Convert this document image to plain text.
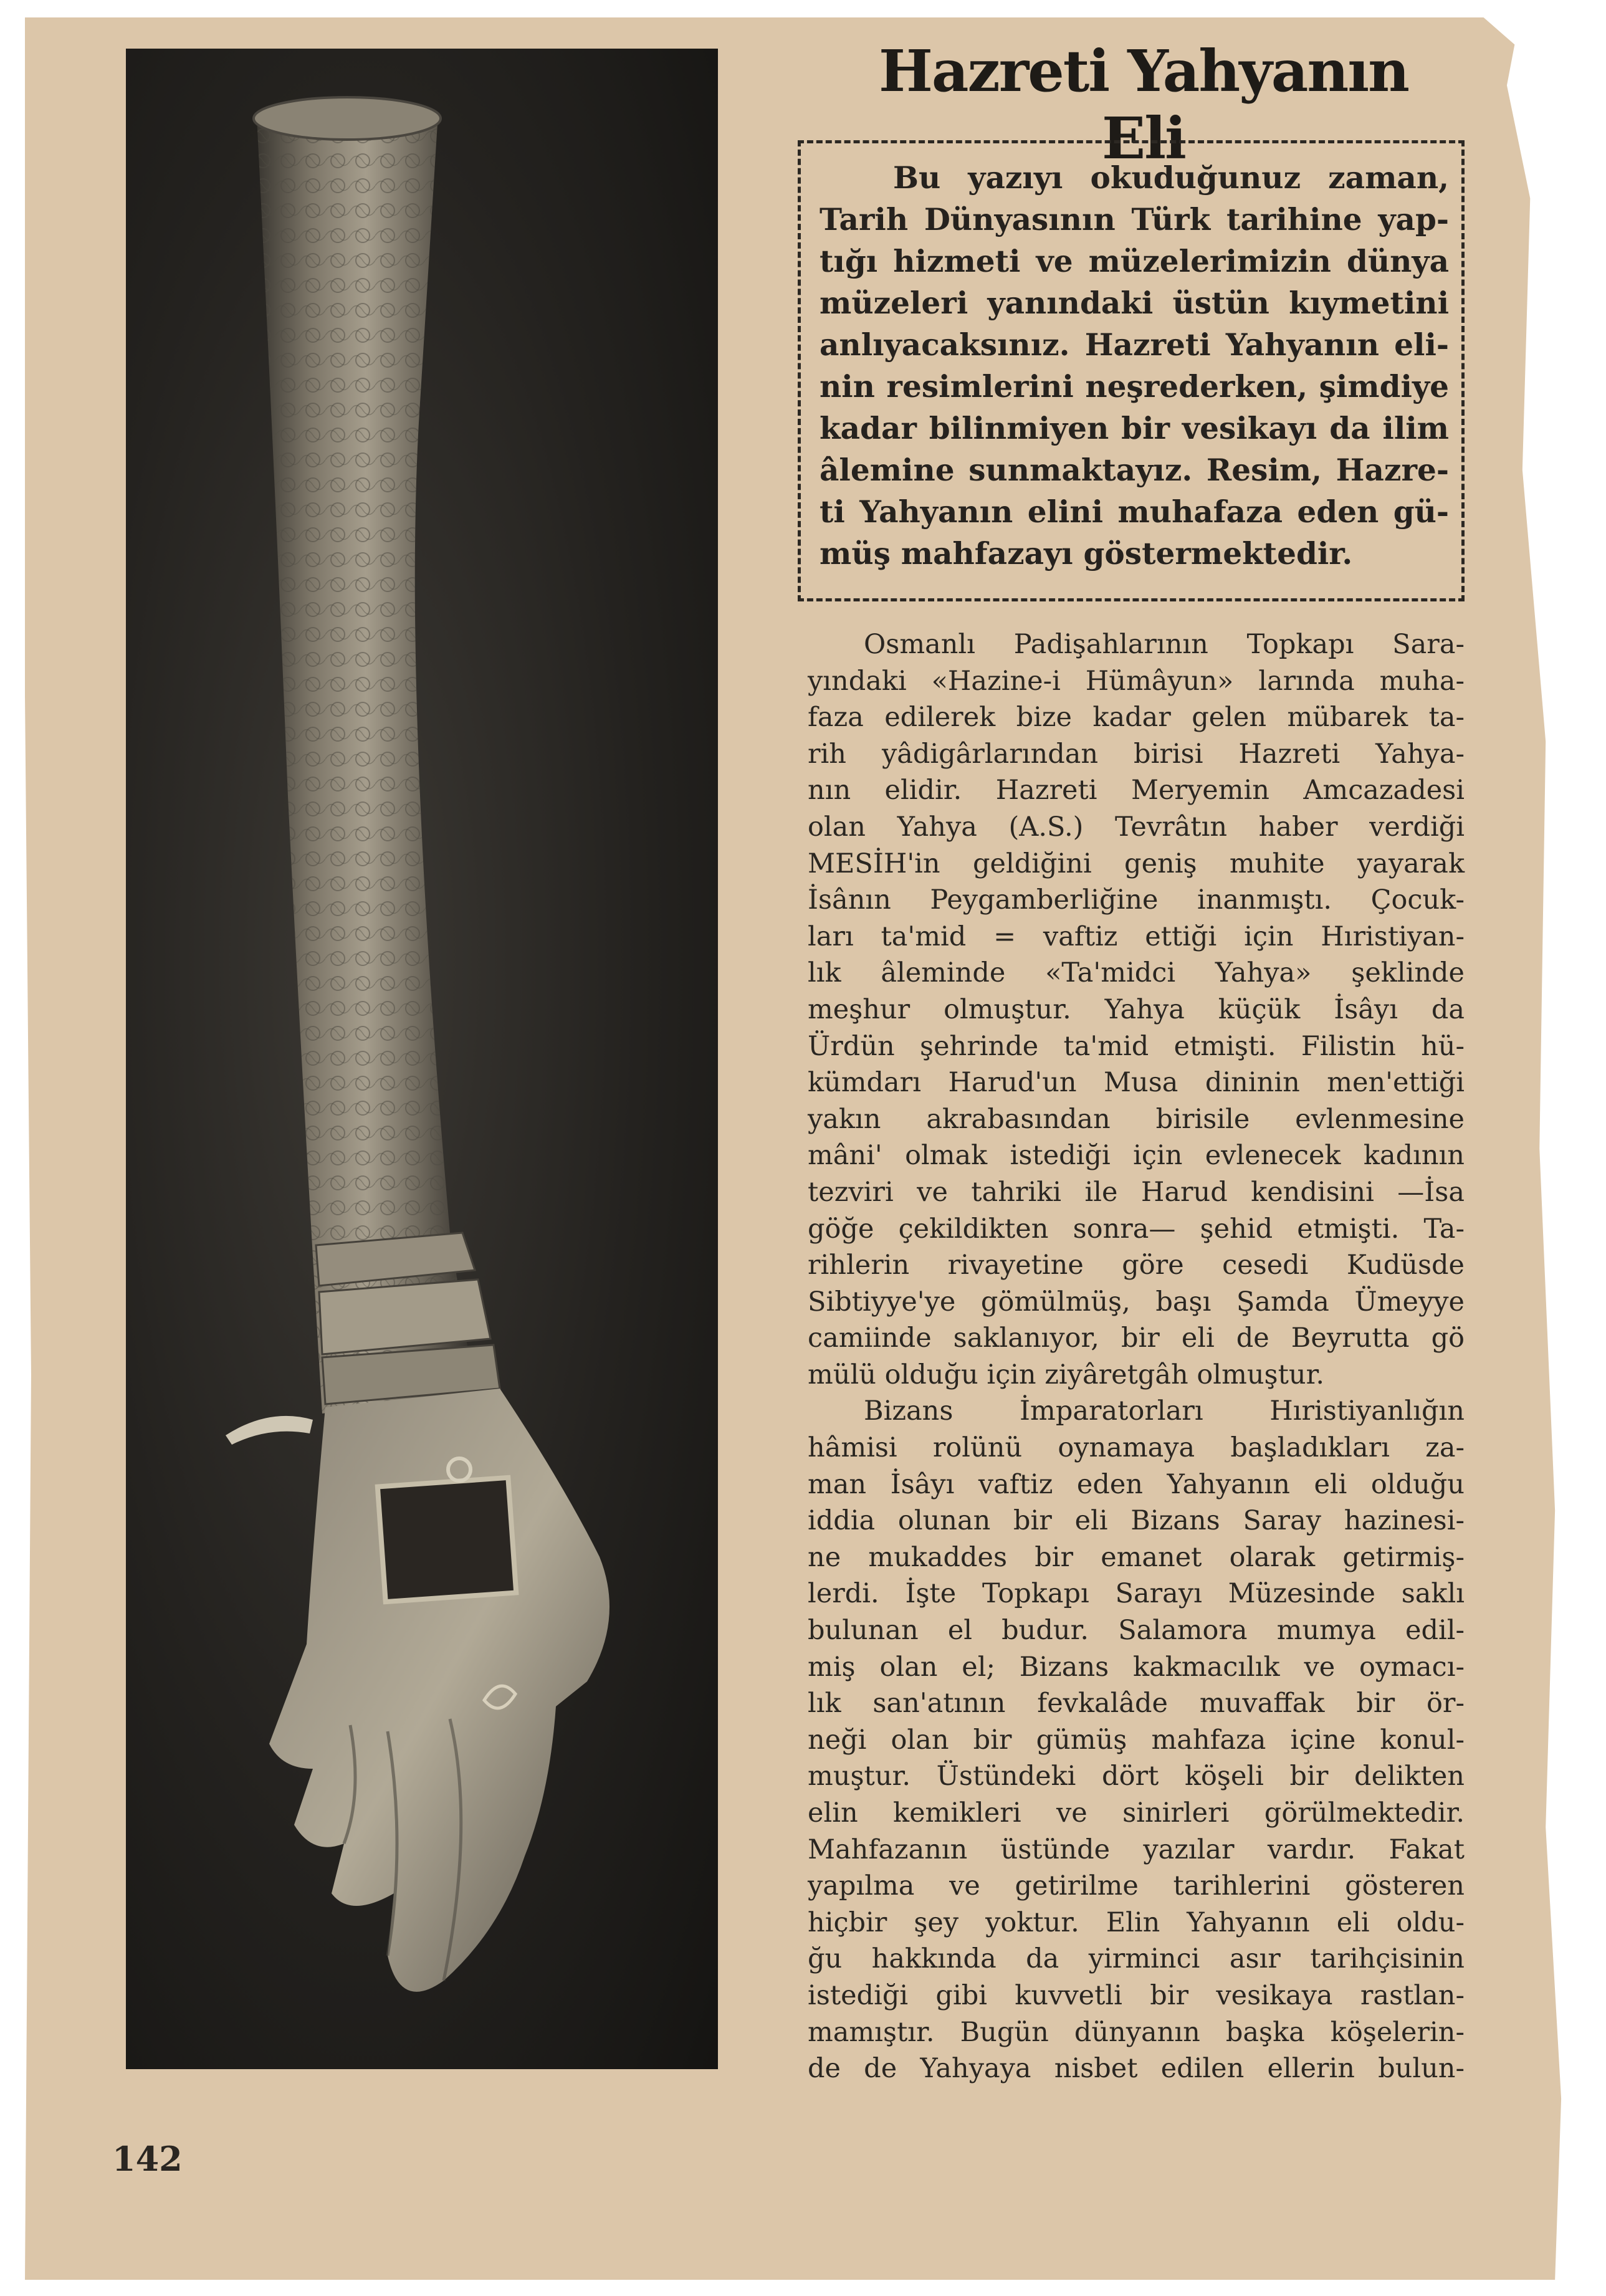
Hazreti Yahyanın Eli

Bu yazıyı okuduğunuz zaman,

Tarih Dünyasının Türk tarihine yap-

tığı hizmeti ve müzelerimizin dünya

müzeleri yanındaki üstün kıymetini

anlıyacaksınız. Hazreti Yahyanın eli-

nin resimlerini neşrederken, şimdiye

kadar bilinmiyen bir vesikayı da ilim

âlemine sunmaktayız. Resim, Hazre-

ti Yahyanın elini muhafaza eden gü-

müş mahfazayı göstermektedir.

Osmanlı Padişahlarının Topkapı Sara-

yındaki «Hazine-i Hümâyun» larında muha-

faza edilerek bize kadar gelen mübarek ta-

rih yâdigârlarından birisi Hazreti Yahya-

nın elidir. Hazreti Meryemin Amcazadesi

olan Yahya (A.S.) Tevrâtın haber verdiği

MESİH'in geldiğini geniş muhite yayarak

İsânın Peygamberliğine inanmıştı. Çocuk-

ları ta'mid = vaftiz ettiği için Hıristiyan-

lık âleminde «Ta'midci Yahya» şeklinde

meşhur olmuştur. Yahya küçük İsâyı da

Ürdün şehrinde ta'mid etmişti. Filistin hü-

kümdarı Harud'un Musa dininin men'ettiği

yakın akrabasından birisile evlenmesine

mâni' olmak istediği için evlenecek kadının

tezviri ve tahriki ile Harud kendisini —İsa

göğe çekildikten sonra— şehid etmişti. Ta-

rihlerin rivayetine göre cesedi Kudüsde

Sibtiyye'ye gömülmüş, başı Şamda Ümeyye

camiinde saklanıyor, bir eli de Beyrutta gö

mülü olduğu için ziyâretgâh olmuştur.

Bizans İmparatorları Hıristiyanlığın

hâmisi rolünü oynamaya başladıkları za-

man İsâyı vaftiz eden Yahyanın eli olduğu

iddia olunan bir eli Bizans Saray hazinesi-

ne mukaddes bir emanet olarak getirmiş-

lerdi. İşte Topkapı Sarayı Müzesinde saklı

bulunan el budur. Salamora mumya edil-

miş olan el; Bizans kakmacılık ve oymacı-

lık san'atının fevkalâde muvaffak bir ör-

neği olan bir gümüş mahfaza içine konul-

muştur. Üstündeki dört köşeli bir delikten

elin kemikleri ve sinirleri görülmektedir.

Mahfazanın üstünde yazılar vardır. Fakat

yapılma ve getirilme tarihlerini gösteren

hiçbir şey yoktur. Elin Yahyanın eli oldu-

ğu hakkında da yirminci asır tarihçisinin

istediği gibi kuvvetli bir vesikaya rastlan-

mamıştır. Bugün dünyanın başka köşelerin-

de de Yahyaya nisbet edilen ellerin bulun-

142
